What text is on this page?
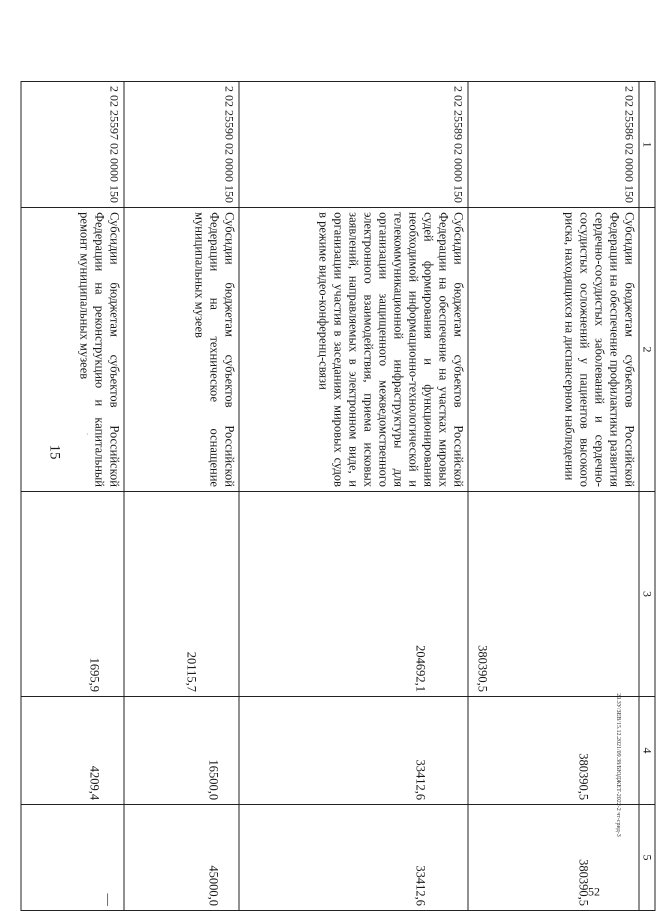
15
·
20.3У/ЗЕВ/15.12.2021/09.38/БЮДЖЕТ-2022-2 чт-срид-3
52
1	2	3	4	5
2 02 25586 02 0000 150	Субсидии бюджетам субъектов Российской Федерации на обеспечение профилактики развития сердечно-сосудистых заболеваний и сердечно-сосудистых осложнений у пациентов высокого риска, находящихся на диспансерном наблюдении	380390,5	380390,5	380390,5
2 02 25589 02 0000 150	Субсидии бюджетам субъектов Российской Федерации на обеспечение на участках мировых судей формирования и функционирования необходимой информационно-технологической и телекоммуникационной инфраструктуры для организации защищенного межведомственного электронного взаимодействия, приема исковых заявлений, направляемых в электронном виде, и организации участия в заседаниях мировых судов в режиме видео-конференц-связи	204692,1	33412,6	33412,6
2 02 25590 02 0000 150	Субсидии бюджетам субъектов Российской Федерации на техническое оснащение муниципальных музеев	20115,7	16500,0	45000,0
2 02 25597 02 0000 150	Субсидии бюджетам субъектов Российской Федерации на реконструкцию и капитальный ремонт муниципальных музеев	1695,9	4209,4	—
